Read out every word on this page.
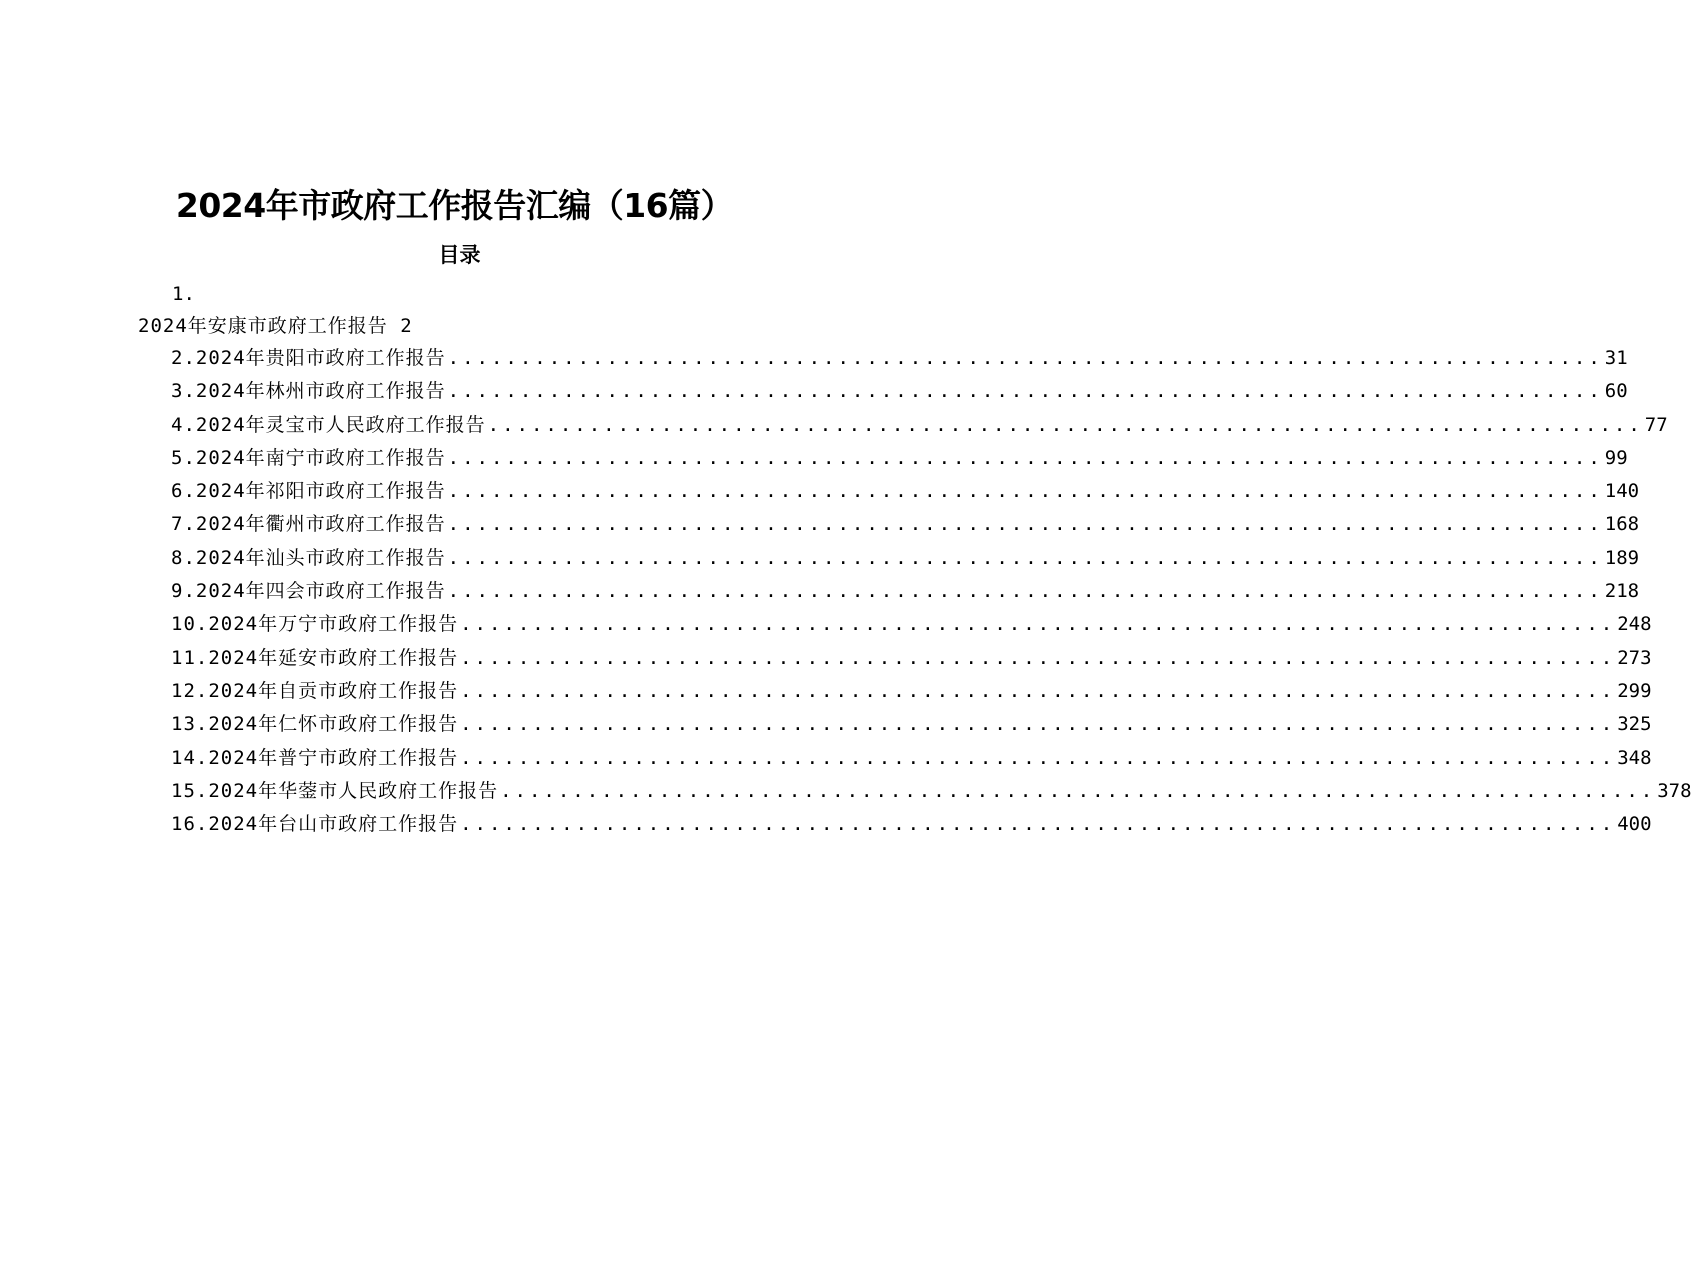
2024年市政府工作报告汇编（16篇）
目录
1.
2024年安康市政府工作报告 2
2.2024年贵阳市政府工作报告 ................................................................................ 31
3.2024年林州市政府工作报告 ................................................................................ 60
4.2024年灵宝市人民政府工作报告 ................................................................................ 77
5.2024年南宁市政府工作报告 ................................................................................ 99
6.2024年祁阳市政府工作报告 ................................................................................ 140
7.2024年衢州市政府工作报告 ................................................................................ 168
8.2024年汕头市政府工作报告 ................................................................................ 189
9.2024年四会市政府工作报告 ................................................................................ 218
10.2024年万宁市政府工作报告 ................................................................................ 248
11.2024年延安市政府工作报告 ................................................................................ 273
12.2024年自贡市政府工作报告 ................................................................................ 299
13.2024年仁怀市政府工作报告 ................................................................................ 325
14.2024年普宁市政府工作报告 ................................................................................ 348
15.2024年华蓥市人民政府工作报告 ................................................................................ 378
16.2024年台山市政府工作报告 ................................................................................ 400
